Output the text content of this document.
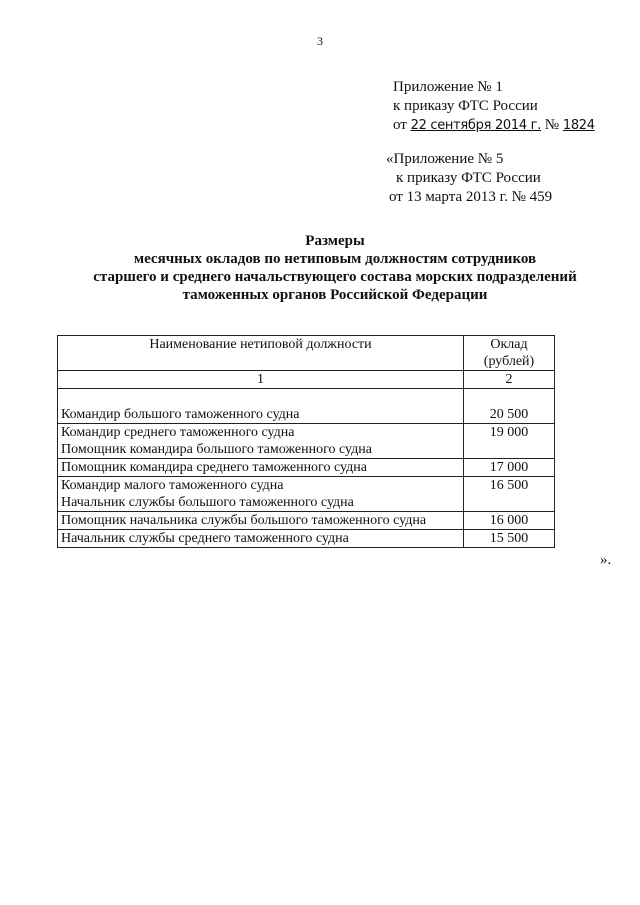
3
Приложение № 1
к приказу ФТС России
от 22 сентября 2014 г. № 1824
«Приложение № 5
к приказу ФТС России
от 13 марта 2013 г. № 459
Размеры
месячных окладов по нетиповым должностям сотрудников
старшего и среднего начальствующего состава морских подразделений
таможенных органов Российской Федерации
Наименование нетиповой должности	Оклад
(рублей)

1	2

Командир большого таможенного судна	20 500

Командир среднего таможенного судна
Помощник командира большого таможенного судна	19 000

Помощник командира среднего таможенного судна	17 000

Командир малого таможенного судна
Начальник службы большого таможенного судна	16 500

Помощник начальника службы большого таможенного судна	16 000

Начальник службы среднего таможенного судна	15 500
».
